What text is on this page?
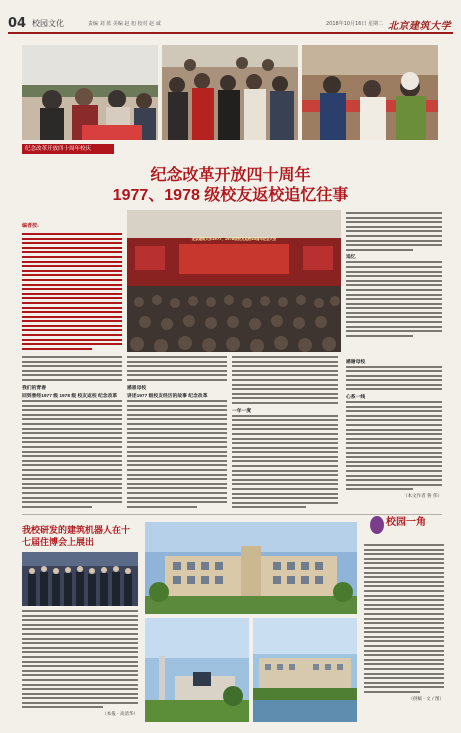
04 校园文化	责编 刘 蓝 美编 赵 旭 校对 赵 诚	2018年10月16日 星期二 北京建筑大学
纪念改革开放四十周年校庆
纪念改革开放四十周年
1977、1978 级校友返校追忆往事
编者按:
北京建筑大学1977、1978级校友返校40周年纪念大会
追忆
我们的青春
回到曾经1977 级 1978 级 校友返校 纪念改革
感恩母校
讲述1977 级校友经历的故事 纪念改革
一年一度
感谢母校
心系一线
（本文作者 鲁 伟）
我校研发的建筑机器人在十七届住博会上展出
（本报 · 高清华）
校园一角
（供稿 · 文 / 图）
